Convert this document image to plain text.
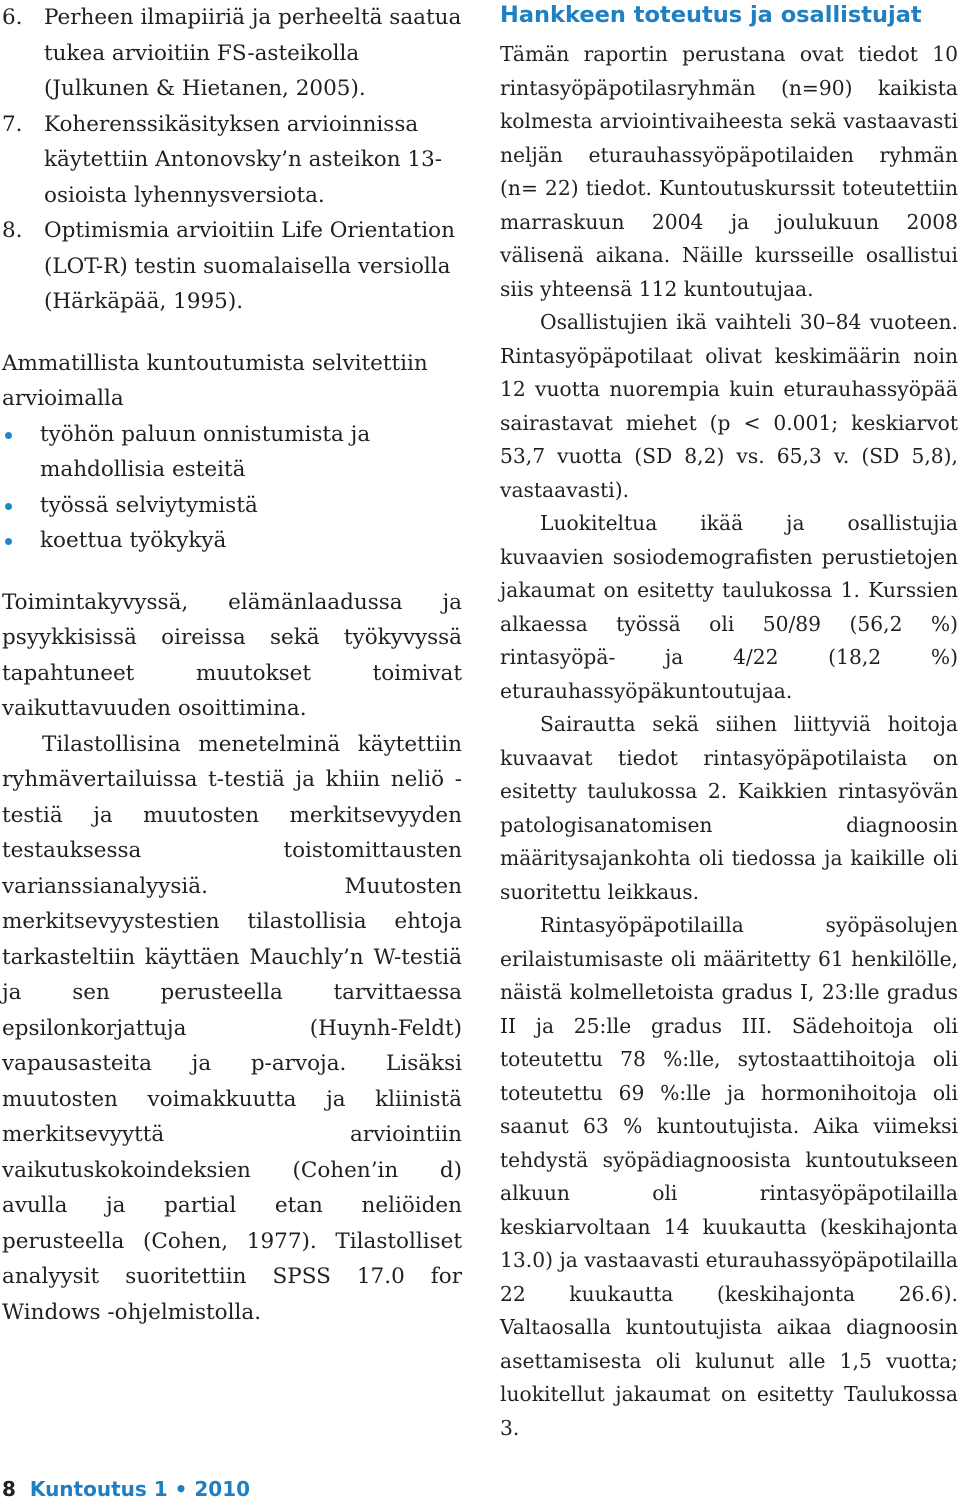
6. Perheen ilmapiiriä ja perheeltä saatua tukea arvioitiin FS-asteikolla (Julkunen & Hietanen, 2005).
7. Koherenssikäsityksen arvioinnissa käytettiin Antonovsky’n asteikon 13-osioista lyhennysversiota.
8. Optimismia arvioitiin Life Orientation (LOT-R) testin suomalaisella versiolla (Härkäpää, 1995).

Ammatillista kuntoutumista selvitettiin arvioimalla

työhön paluun onnistumista ja mahdollisia esteitä
työssä selviytymistä
koettua työkykyä

Toimintakyvyssä, elämänlaadussa ja psyykkisissä oireissa sekä työkyvyssä tapahtuneet muutokset toimivat vaikuttavuuden osoittimina.

Tilastollisina menetelminä käytettiin ryhmävertailuissa t-testiä ja khiin neliö -testiä ja muutosten merkitsevyyden testauksessa toistomittausten varianssianalyysiä. Muutosten merkitsevyystestien tilastollisia ehtoja tarkasteltiin käyttäen Mauchly’n W-testiä ja sen perusteella tarvittaessa epsilonkorjattuja (Huynh-Feldt) vapausasteita ja p-arvoja. Lisäksi muutosten voimakkuutta ja kliinistä merkitsevyyttä arviointiin vaikutuskokoindeksien (Cohen’in d) avulla ja partial etan neliöiden perusteella (Cohen, 1977). Tilastolliset analyysit suoritettiin SPSS 17.0 for Windows -ohjelmistolla.

Hankkeen toteutus ja osallistujat

Tämän raportin perustana ovat tiedot 10 rintasyöpäpotilasryhmän (n=90) kaikista kolmesta arviointivaiheesta sekä vastaavasti neljän eturauhassyöpäpotilaiden ryhmän (n= 22) tiedot. Kuntoutuskurssit toteutettiin marraskuun 2004 ja joulukuun 2008 välisenä aikana. Näille kursseille osallistui siis yhteensä 112 kuntoutujaa.

Osallistujien ikä vaihteli 30–84 vuoteen. Rintasyöpäpotilaat olivat keskimäärin noin 12 vuotta nuorempia kuin eturauhassyöpää sairastavat miehet (p < 0.001; keskiarvot 53,7 vuotta (SD 8,2) vs. 65,3 v. (SD 5,8), vastaavasti).

Luokiteltua ikää ja osallistujia kuvaavien sosiodemografisten perustietojen jakaumat on esitetty taulukossa 1. Kurssien alkaessa työssä oli 50/89 (56,2 %) rintasyöpä- ja 4/22 (18,2 %) eturauhassyöpäkuntoutujaa.

Sairautta sekä siihen liittyviä hoitoja kuvaavat tiedot rintasyöpäpotilaista on esitetty taulukossa 2. Kaikkien rintasyövän patologisanatomisen diagnoosin määritysajankohta oli tiedossa ja kaikille oli suoritettu leikkaus.

Rintasyöpäpotilailla syöpäsolujen erilaistumisaste oli määritetty 61 henkilölle, näistä kolmelletoista gradus I, 23:lle gradus II ja 25:lle gradus III. Sädehoitoja oli toteutettu 78 %:lle, sytostaattihoitoja oli toteutettu 69 %:lle ja hormonihoitoja oli saanut 63 % kuntoutujista. Aika viimeksi tehdystä syöpädiagnoosista kuntoutukseen alkuun oli rintasyöpäpotilailla keskiarvoltaan 14 kuukautta (keskihajonta 13.0) ja vastaavasti eturauhassyöpäpotilailla 22 kuukautta (keskihajonta 26.6). Valtaosalla kuntoutujista aikaa diagnoosin asettamisesta oli kulunut alle 1,5 vuotta; luokitellut jakaumat on esitetty Taulukossa 3.

8 Kuntoutus 1 • 2010
